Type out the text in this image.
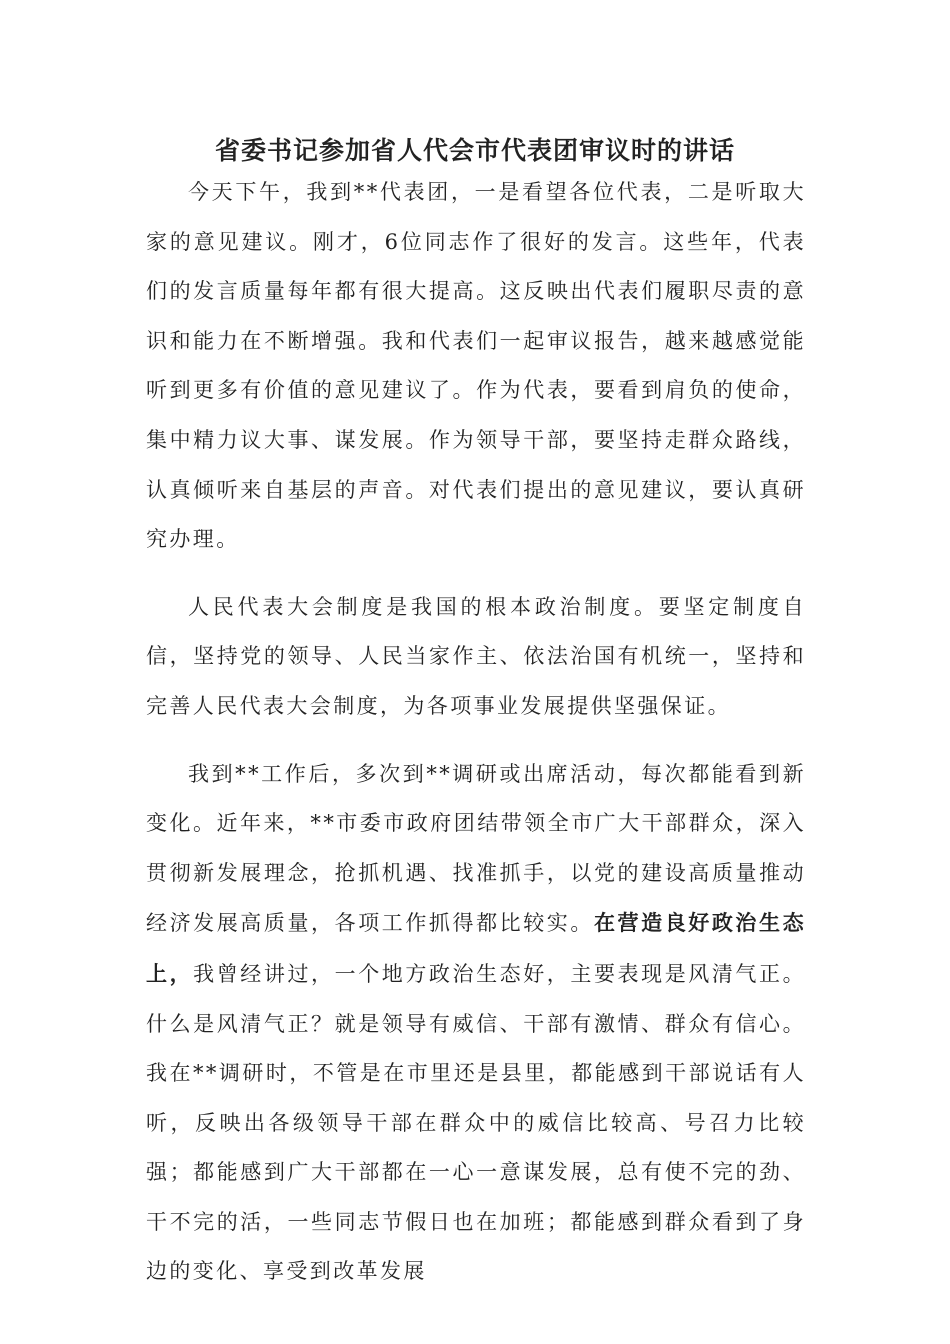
省委书记参加省人代会市代表团审议时的讲话

今天下午，我到**代表团，一是看望各位代表，二是听取大家的意见建议。刚才，6位同志作了很好的发言。这些年，代表们的发言质量每年都有很大提高。这反映出代表们履职尽责的意识和能力在不断增强。我和代表们一起审议报告，越来越感觉能听到更多有价值的意见建议了。作为代表，要看到肩负的使命，集中精力议大事、谋发展。作为领导干部，要坚持走群众路线，认真倾听来自基层的声音。对代表们提出的意见建议，要认真研究办理。

人民代表大会制度是我国的根本政治制度。要坚定制度自信，坚持党的领导、人民当家作主、依法治国有机统一，坚持和完善人民代表大会制度，为各项事业发展提供坚强保证。

我到**工作后，多次到**调研或出席活动，每次都能看到新变化。近年来，**市委市政府团结带领全市广大干部群众，深入贯彻新发展理念，抢抓机遇、找准抓手，以党的建设高质量推动经济发展高质量，各项工作抓得都比较实。在营造良好政治生态上，我曾经讲过，一个地方政治生态好，主要表现是风清气正。什么是风清气正？就是领导有威信、干部有激情、群众有信心。我在**调研时，不管是在市里还是县里，都能感到干部说话有人听，反映出各级领导干部在群众中的威信比较高、号召力比较强；都能感到广大干部都在一心一意谋发展，总有使不完的劲、干不完的活，一些同志节假日也在加班；都能感到群众看到了身边的变化、享受到改革发展
